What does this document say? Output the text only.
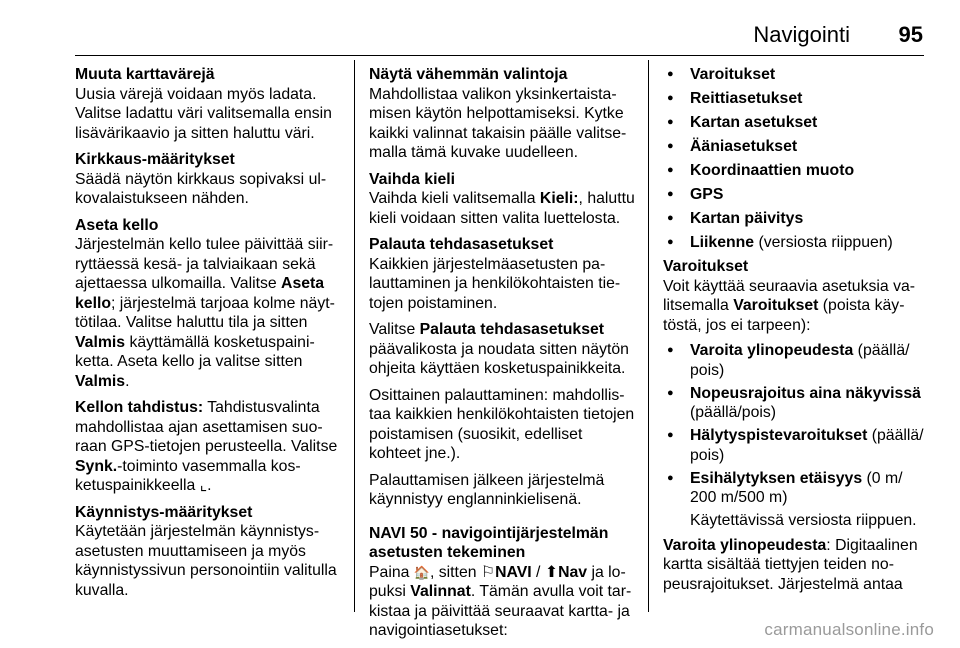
Navigointi 95
Muuta karttavärejä
Uusia värejä voidaan myös ladata. Valitse ladattu väri valitsemalla ensin lisävärikaavio ja sitten haluttu väri.
Kirkkaus-määritykset
Säädä näytön kirkkaus sopivaksi ulkovalaistukseen nähden.
Aseta kello
Järjestelmän kello tulee päivittää siirryttäessä kesä- ja talviaikaan sekä ajettaessa ulkomailla. Valitse Aseta kello; järjestelmä tarjoaa kolme näyttötilaa. Valitse haluttu tila ja sitten Valmis käyttämällä kosketuspainiketta. Aseta kello ja valitse sitten Valmis.
Kellon tahdistus: Tahdistusvalinta mahdollistaa ajan asettamisen suoraan GPS-tietojen perusteella. Valitse Synk.-toiminto vasemmalla kosketuspainikkeella ⌞.
Käynnistys-määritykset
Käytetään järjestelmän käynnistysasetusten muuttamiseen ja myös käynnistyssivun personointiin valitulla kuvalla.
Näytä vähemmän valintoja
Mahdollistaa valikon yksinkertaistamisen käytön helpottamiseksi. Kytke kaikki valinnat takaisin päälle valitsemalla tämä kuvake uudelleen.
Vaihda kieli
Vaihda kieli valitsemalla Kieli:, haluttu kieli voidaan sitten valita luettelosta.
Palauta tehdasasetukset

Kaikkien järjestelmäasetusten palauttaminen ja henkilökohtaisten tietojen poistaminen.

Valitse Palauta tehdasasetukset päävalikosta ja noudata sitten näytön ohjeita käyttäen kosketuspainikkeita.

Osittainen palauttaminen: mahdollistaa kaikkien henkilökohtaisten tietojen poistamisen (suosikit, edelliset kohteet jne.).

Palauttamisen jälkeen järjestelmä käynnistyy englanninkielisenä.

NAVI 50 - navigointijärjestelmän asetusten tekeminen
Paina 🏠, sitten ⚐NAVI / ⬆Nav ja lopuksi Valinnat. Tämän avulla voit tarkistaa ja päivittää seuraavat kartta- ja navigointiasetukset:
● Varoitukset
● Reittiasetukset
● Kartan asetukset
● Ääniasetukset
● Koordinaattien muoto
● GPS
● Kartan päivitys
● Liikenne (versiosta riippuen)
Varoitukset
Voit käyttää seuraavia asetuksia valitsemalla Varoitukset (poista käytöstä, jos ei tarpeen):
● Varoita ylinopeudesta (päällä/ pois)
● Nopeusrajoitus aina näkyvissä (päällä/pois)
● Hälytyspistevaroitukset (päällä/ pois)
● Esihälytyksen etäisyys (0 m/ 200 m/500 m)
Käytettävissä versiosta riippuen.
Varoita ylinopeudesta: Digitaalinen kartta sisältää tiettyjen teiden nopeusrajoitukset. Järjestelmä antaa
carmanualsonline.info
